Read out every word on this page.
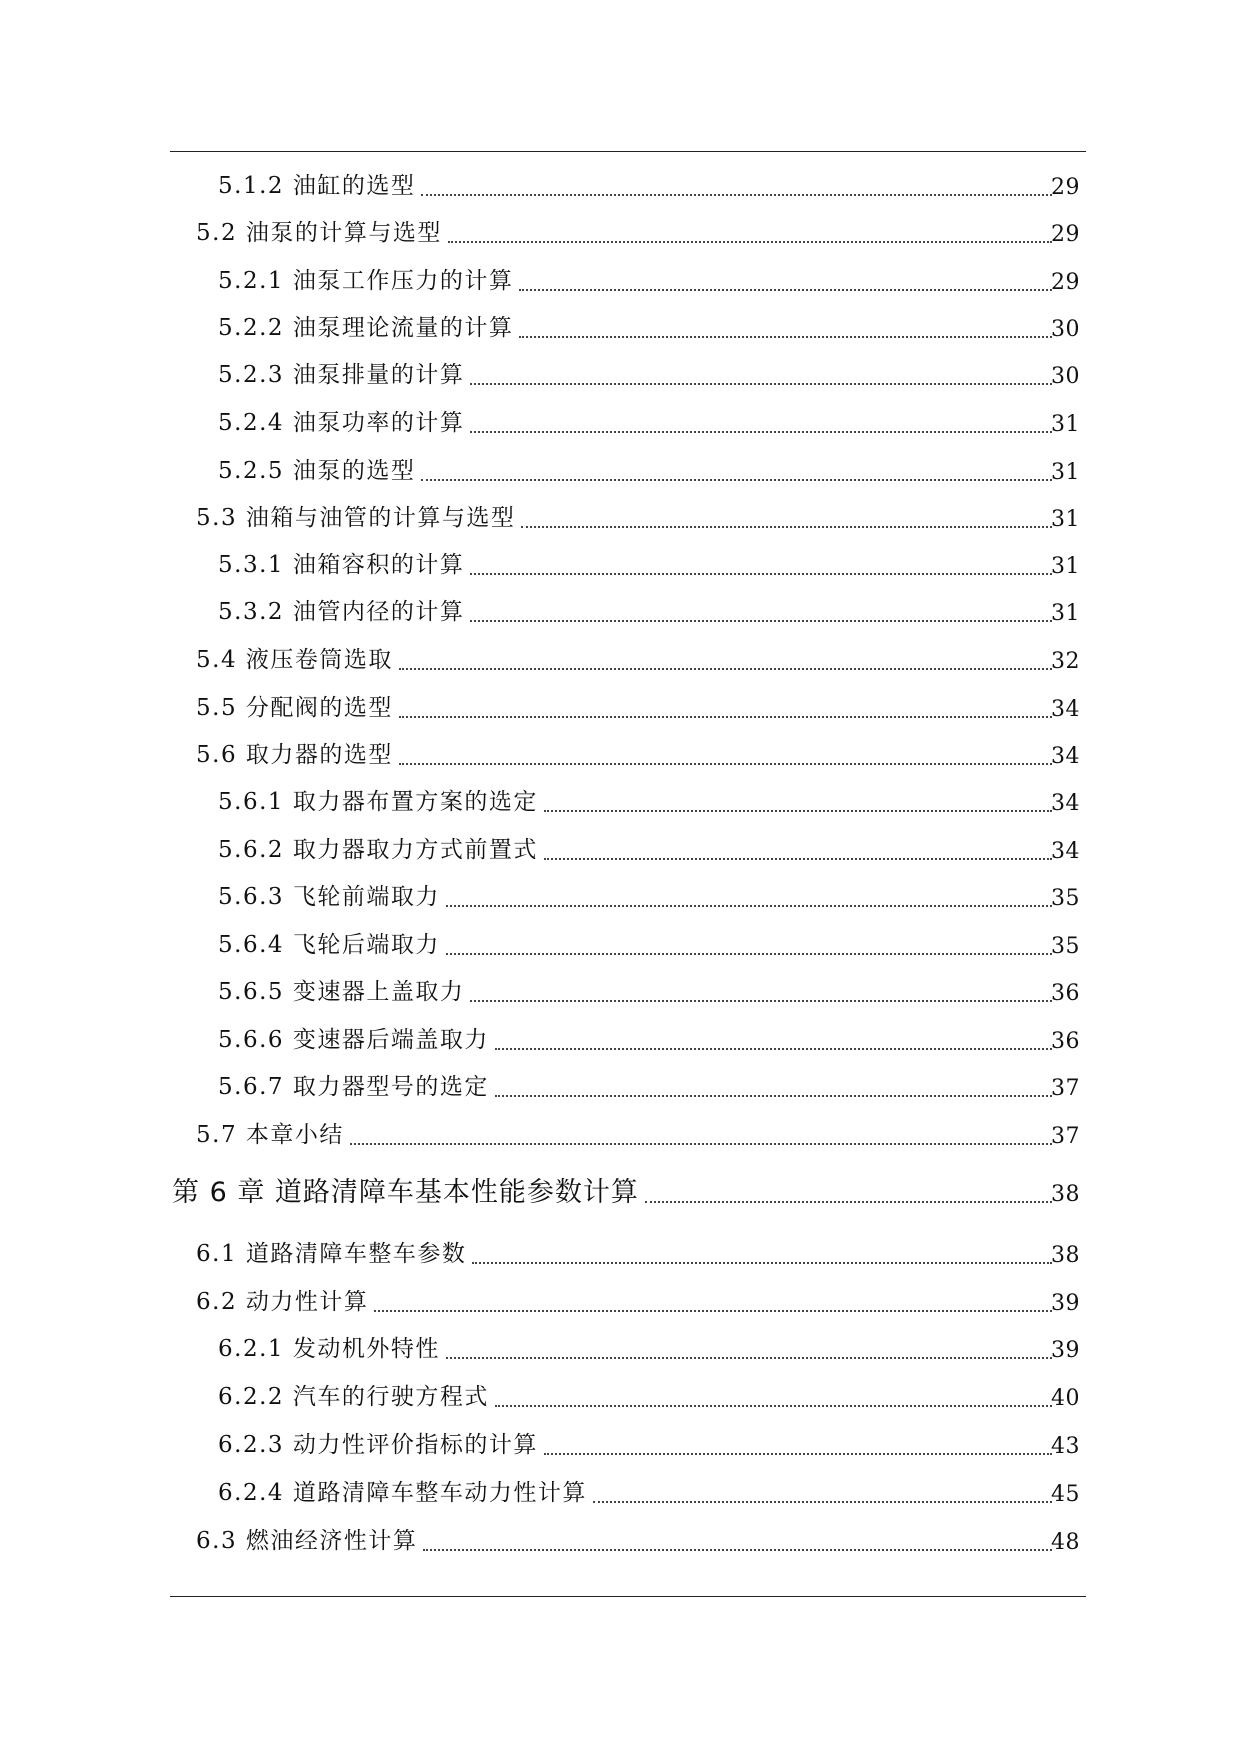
5.1.2 油缸的选型	29
5.2 油泵的计算与选型	29
5.2.1 油泵工作压力的计算	29
5.2.2 油泵理论流量的计算	30
5.2.3 油泵排量的计算	30
5.2.4 油泵功率的计算	31
5.2.5 油泵的选型	31
5.3 油箱与油管的计算与选型	31
5.3.1 油箱容积的计算	31
5.3.2 油管内径的计算	31
5.4 液压卷筒选取	32
5.5 分配阀的选型	34
5.6 取力器的选型	34
5.6.1 取力器布置方案的选定	34
5.6.2 取力器取力方式前置式	34
5.6.3 飞轮前端取力	35
5.6.4 飞轮后端取力	35
5.6.5 变速器上盖取力	36
5.6.6 变速器后端盖取力	36
5.6.7 取力器型号的选定	37
5.7 本章小结	37
第 6 章 道路清障车基本性能参数计算	38
6.1 道路清障车整车参数	38
6.2 动力性计算	39
6.2.1 发动机外特性	39
6.2.2 汽车的行驶方程式	40
6.2.3 动力性评价指标的计算	43
6.2.4 道路清障车整车动力性计算	45
6.3 燃油经济性计算	48
